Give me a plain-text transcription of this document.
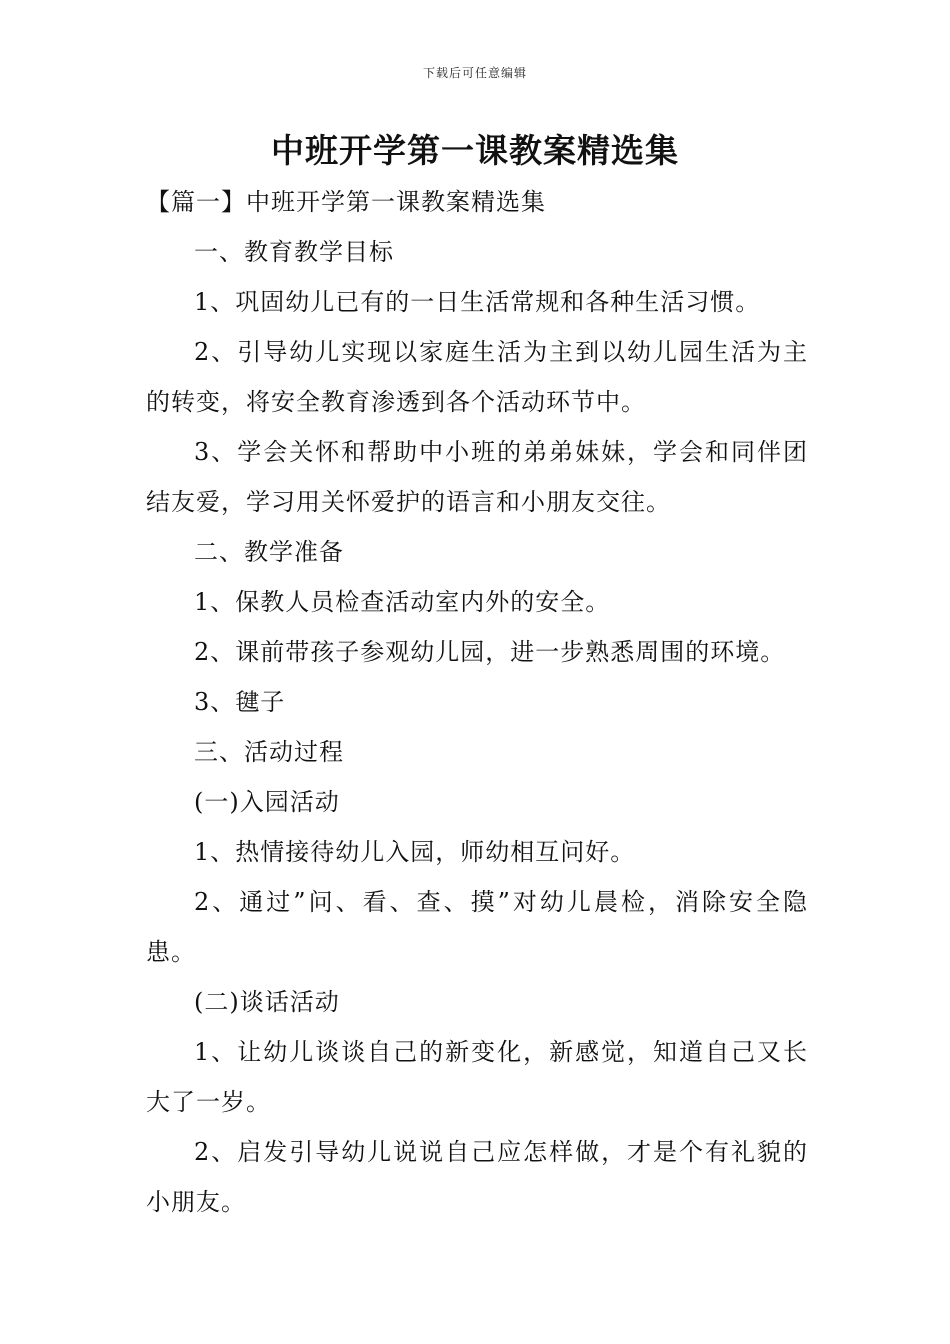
下载后可任意编辑
中班开学第一课教案精选集

【篇一】中班开学第一课教案精选集

一、教育教学目标

1、巩固幼儿已有的一日生活常规和各种生活习惯。

2、引导幼儿实现以家庭生活为主到以幼儿园生活为主的转变，将安全教育渗透到各个活动环节中。

3、学会关怀和帮助中小班的弟弟妹妹，学会和同伴团结友爱，学习用关怀爱护的语言和小朋友交往。

二、教学准备

1、保教人员检查活动室内外的安全。

2、课前带孩子参观幼儿园，进一步熟悉周围的环境。

3、毽子

三、活动过程

(一)入园活动

1、热情接待幼儿入园，师幼相互问好。

2、通过”问、看、查、摸”对幼儿晨检，消除安全隐患。

(二)谈话活动

1、让幼儿谈谈自己的新变化，新感觉，知道自己又长大了一岁。

2、启发引导幼儿说说自己应怎样做，才是个有礼貌的小朋友。
